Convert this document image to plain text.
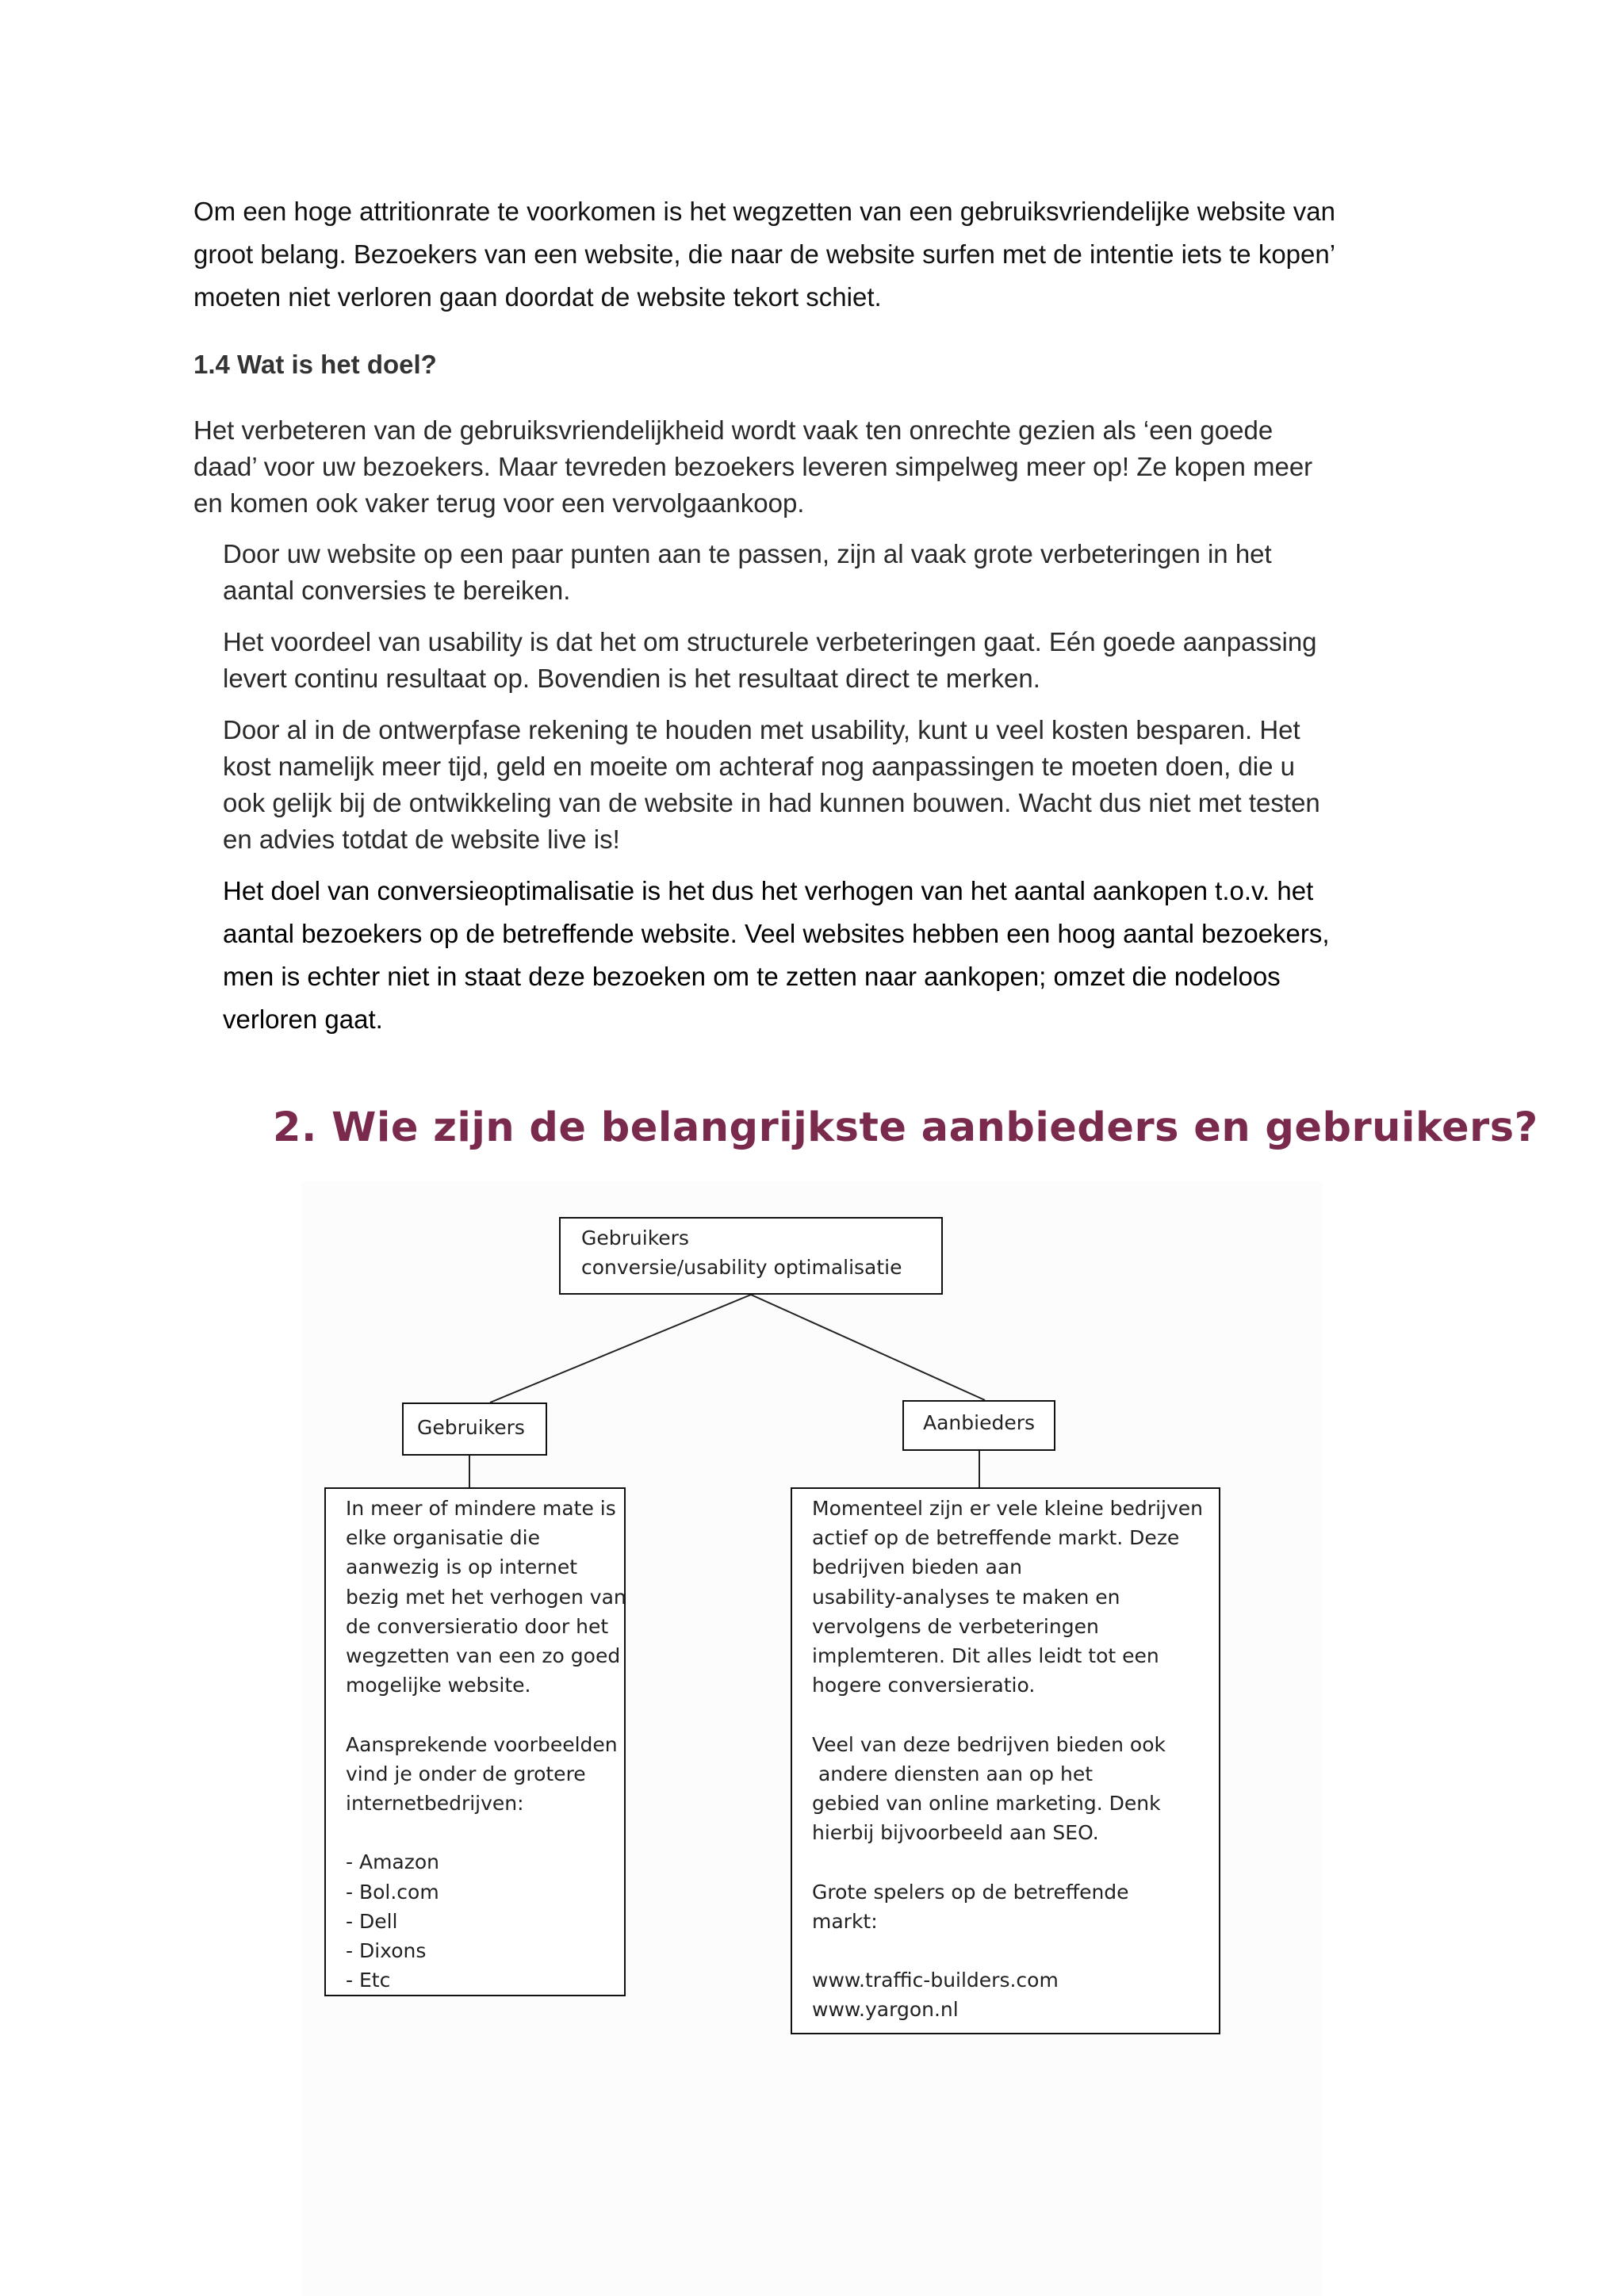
Om een hoge attritionrate te voorkomen is het wegzetten van een gebruiksvriendelijke website van
groot belang. Bezoekers van een website, die naar de website surfen met de intentie iets te kopen’
moeten niet verloren gaan doordat de website tekort schiet.

1.4 Wat is het doel?

Het verbeteren van de gebruiksvriendelijkheid wordt vaak ten onrechte gezien als ‘een goede
daad’ voor uw bezoekers. Maar tevreden bezoekers leveren simpelweg meer op! Ze kopen meer
en komen ook vaker terug voor een vervolgaankoop.

Door uw website op een paar punten aan te passen, zijn al vaak grote verbeteringen in het
aantal conversies te bereiken.

Het voordeel van usability is dat het om structurele verbeteringen gaat. Eén goede aanpassing
levert continu resultaat op. Bovendien is het resultaat direct te merken.

Door al in de ontwerpfase rekening te houden met usability, kunt u veel kosten besparen. Het
kost namelijk meer tijd, geld en moeite om achteraf nog aanpassingen te moeten doen, die u
ook gelijk bij de ontwikkeling van de website in had kunnen bouwen. Wacht dus niet met testen
en advies totdat de website live is!

Het doel van conversieoptimalisatie is het dus het verhogen van het aantal aankopen t.o.v. het
aantal bezoekers op de betreffende website. Veel websites hebben een hoog aantal bezoekers,
men is echter niet in staat deze bezoeken om te zetten naar aankopen; omzet die nodeloos
verloren gaat.

2. Wie zijn de belangrijkste aanbieders en gebruikers?
Gebruikers
conversie/usability optimalisatie
Gebruikers	Aanbieders
In meer of mindere mate is
elke organisatie die
aanwezig is op internet
bezig met het verhogen van
de conversieratio door het
wegzetten van een zo goed
mogelijke website.
Aansprekende voorbeelden
vind je onder de grotere
internetbedrijven:
- Amazon
- Bol.com
- Dell
- Dixons
- Etc
Momenteel zijn er vele kleine bedrijven
actief op de betreffende markt. Deze
bedrijven bieden aan
usability-analyses te maken en
vervolgens de verbeteringen
implemteren. Dit alles leidt tot een
hogere conversieratio.
Veel van deze bedrijven bieden ook
andere diensten aan op het
gebied van online marketing. Denk
hierbij bijvoorbeeld aan SEO.
Grote spelers op de betreffende
markt:
www.traffic-builders.com
www.yargon.nl
